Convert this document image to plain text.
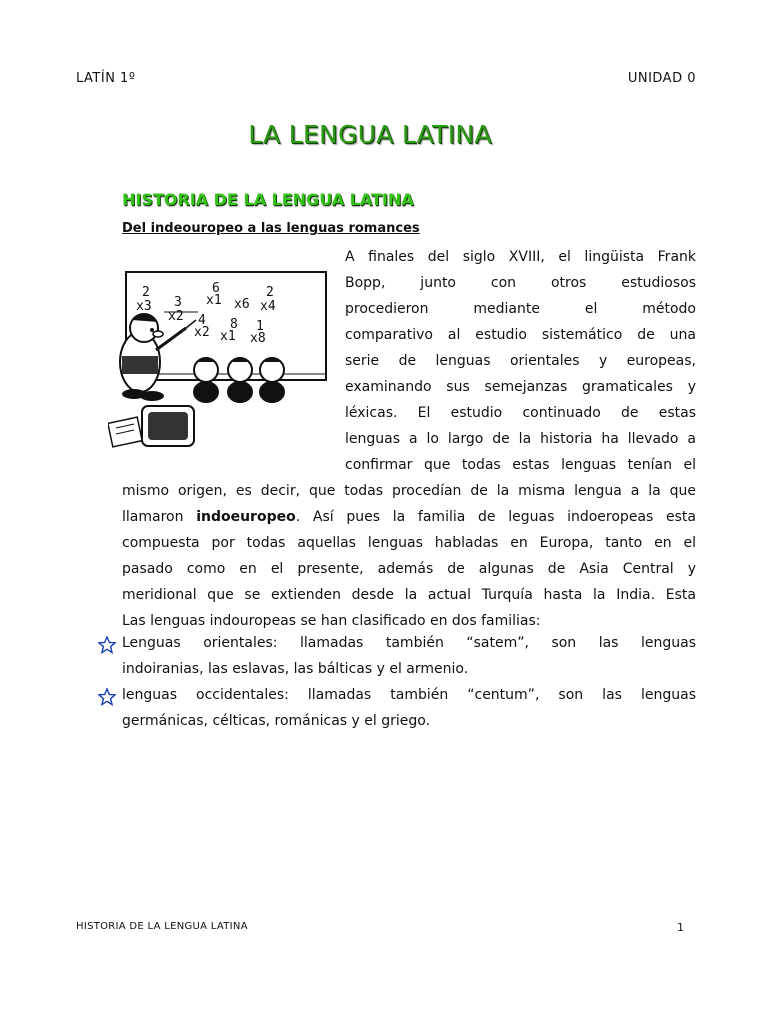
LATÍN 1º	UNIDAD 0
LA LENGUA LATINA
HISTORIA DE LA LENGUA LATINA
Del indeouropeo a las lenguas romances
2
x3 3
x2 4
6
x1 x6
2
x4
x2
8
x1
1
x8
A finales del siglo XVIII, el lingüista Frank
Bopp, junto con otros estudiosos
procedieron mediante el método
comparativo al estudio sistemático de una
serie de lenguas orientales y europeas,
examinando sus semejanzas gramaticales y
léxicas. El estudio continuado de estas
lenguas a lo largo de la historia ha llevado a
confirmar que todas estas lenguas tenían el
mismo origen, es decir, que todas procedían de la misma lengua a la que
llamaron indoeuropeo. Así pues la familia de leguas indoeropeas esta
compuesta por todas aquellas lenguas habladas en Europa, tanto en el
pasado como en el presente, además de algunas de Asia Central y
meridional que se extienden desde la actual Turquía hasta la India. Esta
Las lenguas indouropeas se han clasificado en dos familias:
Lenguas orientales: llamadas también “satem”, son las lenguas
indoiranias, las eslavas, las bálticas y el armenio.
lenguas occidentales: llamadas también “centum”, son las lenguas
germánicas, célticas, románicas y el griego.
HISTORIA DE LA LENGUA LATINA	1
